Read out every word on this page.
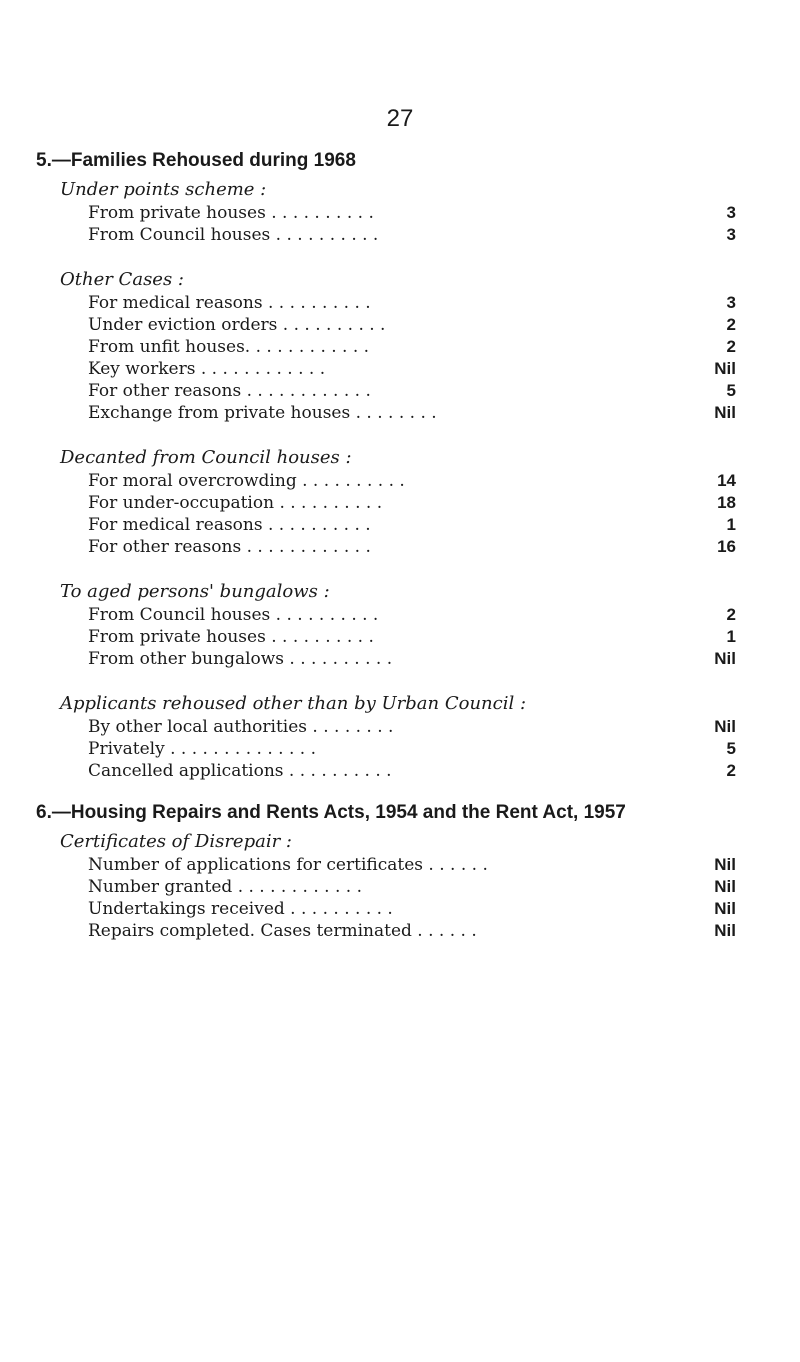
27
5.—Families Rehoused during 1968
Under points scheme :
From private houses . . . . . . . . . .	3
From Council houses . . . . . . . . . .	3
Other Cases :
For medical reasons . . . . . . . . . .	3
Under eviction orders . . . . . . . . . .	2
From unfit houses. . . . . . . . . . . .	2
Key workers . . . . . . . . . . . .	Nil
For other reasons . . . . . . . . . . . .	5
Exchange from private houses . . . . . . . .	Nil
Decanted from Council houses :
For moral overcrowding . . . . . . . . . .	14
For under-occupation . . . . . . . . . .	18
For medical reasons . . . . . . . . . .	1
For other reasons . . . . . . . . . . . .	16
To aged persons' bungalows :
From Council houses . . . . . . . . . .	2
From private houses . . . . . . . . . .	1
From other bungalows . . . . . . . . . .	Nil
Applicants rehoused other than by Urban Council :
By other local authorities . . . . . . . .	Nil
Privately . . . . . . . . . . . . . .	5
Cancelled applications . . . . . . . . . .	2
6.—Housing Repairs and Rents Acts, 1954 and the Rent Act, 1957
Certificates of Disrepair :
Number of applications for certificates . . . . . .	Nil
Number granted . . . . . . . . . . . .	Nil
Undertakings received . . . . . . . . . .	Nil
Repairs completed. Cases terminated . . . . . .	Nil
